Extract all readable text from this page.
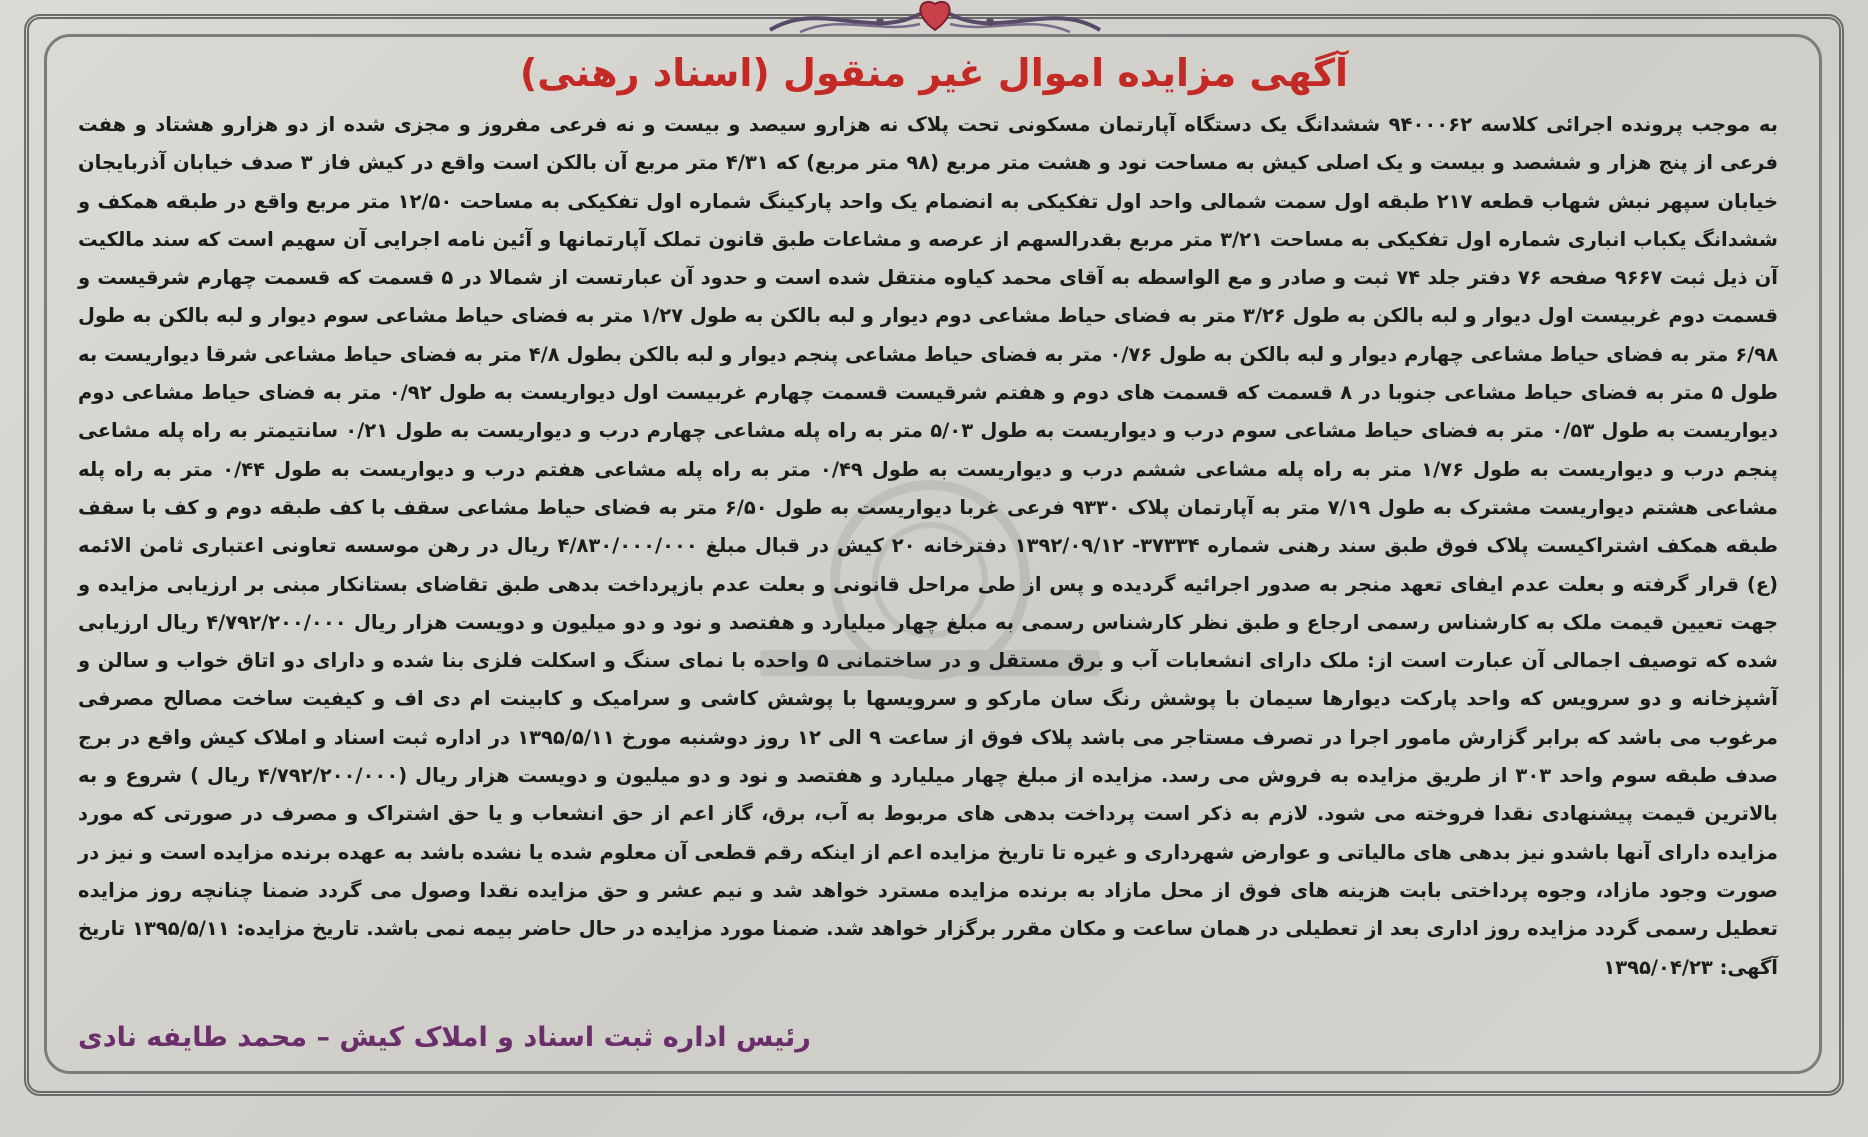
آگهی مزایده اموال غیر منقول (اسناد رهنی)

به موجب پرونده اجرائی کلاسه ۹۴۰۰۰۶۲ ششدانگ یک دستگاه آپارتمان مسکونی تحت پلاک نه هزارو سیصد و بیست و نه فرعی مفروز و مجزی شده از دو هزارو هشتاد و هفت فرعی از پنج هزار و ششصد و بیست و یک اصلی کیش به مساحت نود و هشت متر مربع (۹۸ متر مربع) که ۴/۳۱ متر مربع آن بالکن است واقع در کیش فاز ۳ صدف خیابان آذربایجان خیابان سپهر نبش شهاب قطعه ۲۱۷ طبقه اول سمت شمالی واحد اول تفکیکی به انضمام یک واحد پارکینگ شماره اول تفکیکی به مساحت ۱۲/۵۰ متر مربع واقع در طبقه همکف و ششدانگ یکباب انباری شماره اول تفکیکی به مساحت ۳/۲۱ متر مربع بقدرالسهم از عرصه و مشاعات طبق قانون تملک آپارتمانها و آئین نامه اجرایی آن سهیم است که سند مالکیت آن ذیل ثبت ۹۶۶۷ صفحه ۷۶ دفتر جلد ۷۴ ثبت و صادر و مع الواسطه به آقای محمد کیاوه منتقل شده است و حدود آن عبارتست از شمالا در ۵ قسمت که قسمت چهارم شرقیست و قسمت دوم غربیست اول دیوار و لبه بالکن به طول ۳/۲۶ متر به فضای حیاط مشاعی دوم دیوار و لبه بالکن به طول ۱/۲۷ متر به فضای حیاط مشاعی سوم دیوار و لبه بالکن به طول ۶/۹۸ متر به فضای حیاط مشاعی چهارم دیوار و لبه بالکن به طول ۰/۷۶ متر به فضای حیاط مشاعی پنجم دیوار و لبه بالکن بطول ۴/۸ متر به فضای حیاط مشاعی شرقا دیواریست به طول ۵ متر به فضای حیاط مشاعی جنوبا در ۸ قسمت که قسمت های دوم و هفتم شرقیست قسمت چهارم غربیست اول دیواریست به طول ۰/۹۲ متر به فضای حیاط مشاعی دوم دیواریست به طول ۰/۵۳ متر به فضای حیاط مشاعی سوم درب و دیواریست به طول ۵/۰۳ متر به راه پله مشاعی چهارم درب و دیواریست به طول ۰/۲۱ سانتیمتر به راه پله مشاعی پنجم درب و دیواریست به طول ۱/۷۶ متر به راه پله مشاعی ششم درب و دیواریست به طول ۰/۴۹ متر به راه پله مشاعی هفتم درب و دیواریست به طول ۰/۴۴ متر به راه پله مشاعی هشتم دیواریست مشترک به طول ۷/۱۹ متر به آپارتمان پلاک ۹۳۳۰ فرعی غربا دیواریست به طول ۶/۵۰ متر به فضای حیاط مشاعی سقف با کف طبقه دوم و کف با سقف طبقه همکف اشتراکیست پلاک فوق طبق سند رهنی شماره ۳۷۳۳۴- ۱۳۹۲/۰۹/۱۲ دفترخانه ۲۰ کیش در قبال مبلغ ۴/۸۳۰/۰۰۰/۰۰۰ ریال در رهن موسسه تعاونی اعتباری ثامن الائمه (ع) قرار گرفته و بعلت عدم ایفای تعهد منجر به صدور اجرائیه گردیده و پس از طی مراحل قانونی و بعلت عدم بازپرداخت بدهی طبق تقاضای بستانکار مبنی بر ارزیابی مزایده و جهت تعیین قیمت ملک به کارشناس رسمی ارجاع و طبق نظر کارشناس رسمی به مبلغ چهار میلیارد و هفتصد و نود و دو میلیون و دویست هزار ریال ۴/۷۹۲/۲۰۰/۰۰۰ ریال ارزیابی شده که توصیف اجمالی آن عبارت است از: ملک دارای انشعابات آب و برق مستقل و در ساختمانی ۵ واحده با نمای سنگ و اسکلت فلزی بنا شده و دارای دو اتاق خواب و سالن و آشپزخانه و دو سرویس که واحد پارکت دیوارها سیمان با پوشش رنگ سان مارکو و سرویسها با پوشش کاشی و سرامیک و کابینت ام دی اف و کیفیت ساخت مصالح مصرفی مرغوب می باشد که برابر گزارش مامور اجرا در تصرف مستاجر می باشد پلاک فوق از ساعت ۹ الی ۱۲ روز دوشنبه مورخ ۱۳۹۵/۵/۱۱ در اداره ثبت اسناد و املاک کیش واقع در برج صدف طبقه سوم واحد ۳۰۳ از طریق مزایده به فروش می رسد. مزایده از مبلغ چهار میلیارد و هفتصد و نود و دو میلیون و دویست هزار ریال (۴/۷۹۲/۲۰۰/۰۰۰ ریال ) شروع و به بالاترین قیمت پیشنهادی نقدا فروخته می شود. لازم به ذکر است پرداخت بدهی های مربوط به آب، برق، گاز اعم از حق انشعاب و یا حق اشتراک و مصرف در صورتی که مورد مزایده دارای آنها باشدو نیز بدهی های مالیاتی و عوارض شهرداری و غیره تا تاریخ مزایده اعم از اینکه رقم قطعی آن معلوم شده یا نشده باشد به عهده برنده مزایده است و نیز در صورت وجود مازاد، وجوه پرداختی بابت هزینه های فوق از محل مازاد به برنده مزایده مسترد خواهد شد و نیم عشر و حق مزایده نقدا وصول می گردد ضمنا چنانچه روز مزایده تعطیل رسمی گردد مزایده روز اداری بعد از تعطیلی در همان ساعت و مکان مقرر برگزار خواهد شد. ضمنا مورد مزایده در حال حاضر بیمه نمی باشد. تاریخ مزایده: ۱۳۹۵/۵/۱۱ تاریخ آگهی: ۱۳۹۵/۰۴/۲۳

رئیس اداره ثبت اسناد و املاک کیش – محمد طایفه نادی
